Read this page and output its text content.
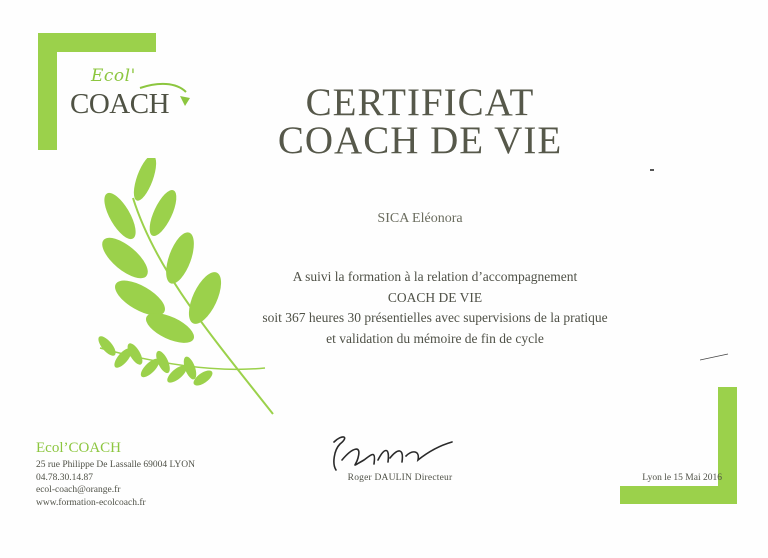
Ecol'
COACH	CERTIFICAT
COACH DE VIE
SICA Eléonora
A suivi la formation à la relation d’accompagnement
COACH DE VIE
soit 367 heures 30 présentielles avec supervisions de la pratique
et validation du mémoire de fin de cycle
Ecol’COACH
25 rue Philippe De Lassalle 69004 LYON
04.78.30.14.87
ecol-coach@orange.fr
www.formation-ecolcoach.fr
Roger DAULIN Directeur	Lyon le 15 Mai 2016
